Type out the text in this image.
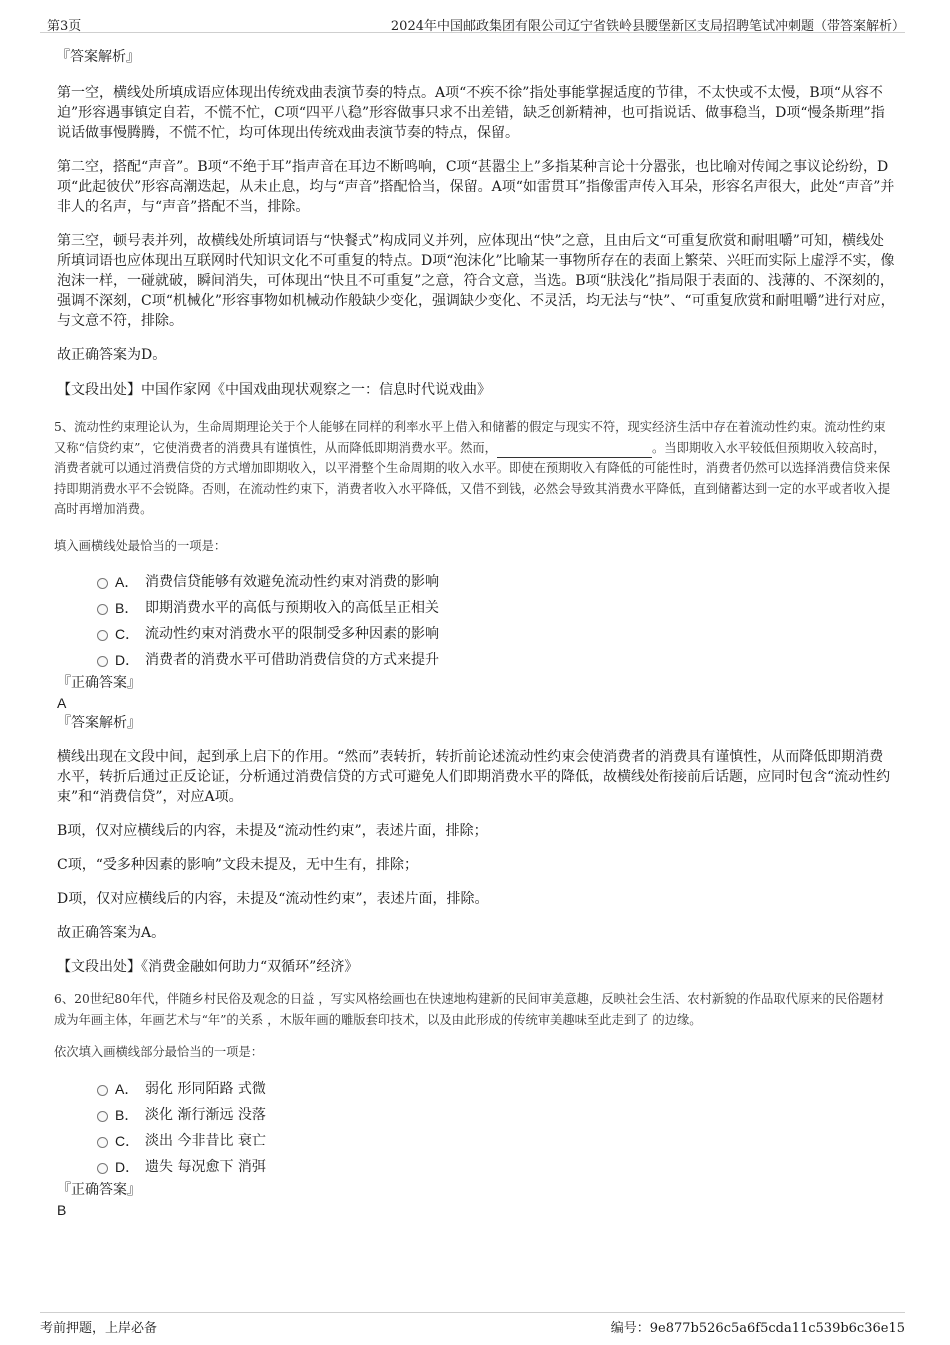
第3页	2024年中国邮政集团有限公司辽宁省铁岭县腰堡新区支局招聘笔试冲刺题（带答案解析）

『答案解析』

第一空，横线处所填成语应体现出传统戏曲表演节奏的特点。A项“不疾不徐”指处事能掌握适度的节律，不太快或不太慢，B项“从容不迫”形容遇事镇定自若，不慌不忙，C项“四平八稳”形容做事只求不出差错，缺乏创新精神，也可指说话、做事稳当，D项“慢条斯理”指说话做事慢腾腾，不慌不忙，均可体现出传统戏曲表演节奏的特点，保留。

第二空，搭配“声音”。B项“不绝于耳”指声音在耳边不断鸣响，C项“甚嚣尘上”多指某种言论十分嚣张，也比喻对传闻之事议论纷纷，D项“此起彼伏”形容高潮迭起，从未止息，均与“声音”搭配恰当，保留。A项“如雷贯耳”指像雷声传入耳朵，形容名声很大，此处“声音”并非人的名声，与“声音”搭配不当，排除。

第三空，顿号表并列，故横线处所填词语与“快餐式”构成同义并列，应体现出“快”之意，且由后文“可重复欣赏和耐咀嚼”可知，横线处所填词语也应体现出互联网时代知识文化不可重复的特点。D项“泡沫化”比喻某一事物所存在的表面上繁荣、兴旺而实际上虚浮不实，像泡沫一样，一碰就破，瞬间消失，可体现出“快且不可重复”之意，符合文意，当选。B项“肤浅化”指局限于表面的、浅薄的、不深刻的，强调不深刻，C项“机械化”形容事物如机械动作般缺少变化，强调缺少变化、不灵活，均无法与“快”、“可重复欣赏和耐咀嚼”进行对应，与文意不符，排除。

故正确答案为D。

【文段出处】中国作家网《中国戏曲现状观察之一：信息时代说戏曲》

5、流动性约束理论认为，生命周期理论关于个人能够在同样的利率水平上借入和储蓄的假定与现实不符，现实经济生活中存在着流动性约束。流动性约束又称“信贷约束”，它使消费者的消费具有谨慎性，从而降低即期消费水平。然而，	。当即期收入水平较低但预期收入较高时，消费者就可以通过消费信贷的方式增加即期收入，以平滑整个生命周期的收入水平。即使在预期收入有降低的可能性时，消费者仍然可以选择消费信贷来保持即期消费水平不会锐降。否则，在流动性约束下，消费者收入水平降低，又借不到钱，必然会导致其消费水平降低，直到储蓄达到一定的水平或者收入提高时再增加消费。

填入画横线处最恰当的一项是：

A． 消费信贷能够有效避免流动性约束对消费的影响
B． 即期消费水平的高低与预期收入的高低呈正相关
C． 流动性约束对消费水平的限制受多种因素的影响
D． 消费者的消费水平可借助消费信贷的方式来提升

『正确答案』

A

『答案解析』

横线出现在文段中间，起到承上启下的作用。“然而”表转折，转折前论述流动性约束会使消费者的消费具有谨慎性，从而降低即期消费水平，转折后通过正反论证，分析通过消费信贷的方式可避免人们即期消费水平的降低，故横线处衔接前后话题，应同时包含“流动性约束”和“消费信贷”，对应A项。

B项，仅对应横线后的内容，未提及“流动性约束”，表述片面，排除；

C项，“受多种因素的影响”文段未提及，无中生有，排除；

D项，仅对应横线后的内容，未提及“流动性约束”，表述片面，排除。

故正确答案为A。

【文段出处】《消费金融如何助力“双循环”经济》

6、20世纪80年代，伴随乡村民俗及观念的日益 ，写实风格绘画也在快速地构建新的民间审美意趣，反映社会生活、农村新貌的作品取代原来的民俗题材成为年画主体，年画艺术与“年”的关系 ，木版年画的雕版套印技术，以及由此形成的传统审美趣味至此走到了 的边缘。

依次填入画横线部分最恰当的一项是：

A． 弱化 形同陌路 式微
B． 淡化 渐行渐远 没落
C． 淡出 今非昔比 衰亡
D． 遗失 每况愈下 消弭

『正确答案』

B

考前押题，上岸必备	编号：9e877b526c5a6f5cda11c539b6c36e15
